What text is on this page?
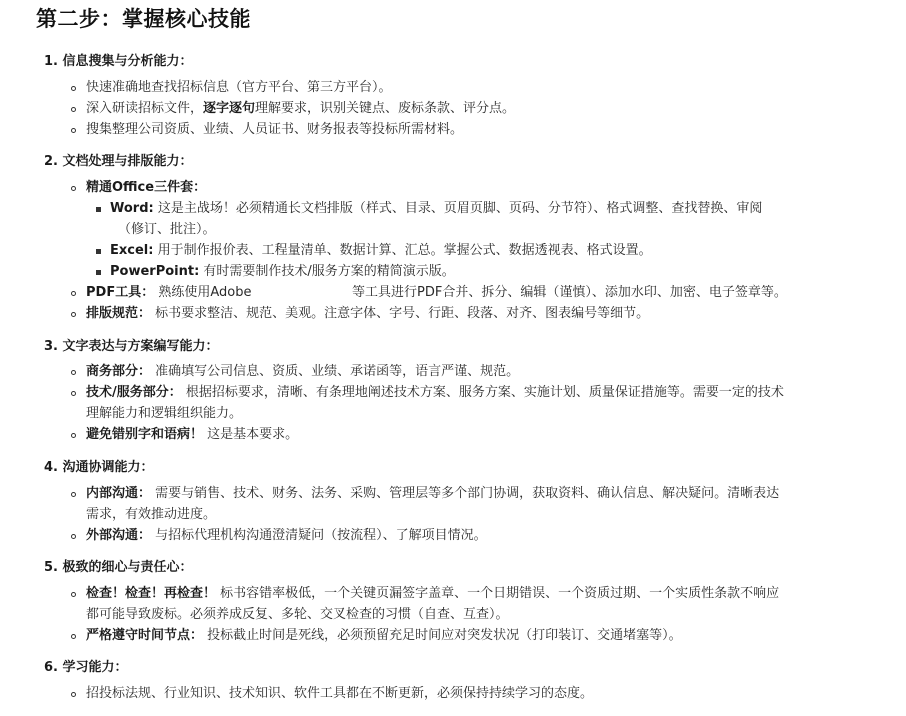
第二步：掌握核心技能
1. 信息搜集与分析能力：
快速准确地查找招标信息（官方平台、第三方平台）。
深入研读招标文件，逐字逐句理解要求，识别关键点、废标条款、评分点。
搜集整理公司资质、业绩、人员证书、财务报表等投标所需材料。
2. 文档处理与排版能力：
精通Office三件套：
Word: 这是主战场！必须精通长文档排版（样式、目录、页眉页脚、页码、分节符）、格式调整、查找替换、审阅
（修订、批注）。
Excel: 用于制作报价表、工程量清单、数据计算、汇总。掌握公式、数据透视表、格式设置。
PowerPoint: 有时需要制作技术/服务方案的精简演示版。
PDF工具： 熟练使用Adobe	等工具进行PDF合并、拆分、编辑（谨慎）、添加水印、加密、电子签章等。
排版规范： 标书要求整洁、规范、美观。注意字体、字号、行距、段落、对齐、图表编号等细节。
3. 文字表达与方案编写能力：
商务部分： 准确填写公司信息、资质、业绩、承诺函等，语言严谨、规范。
技术/服务部分： 根据招标要求，清晰、有条理地阐述技术方案、服务方案、实施计划、质量保证措施等。需要一定的技术
理解能力和逻辑组织能力。
避免错别字和语病！ 这是基本要求。
4. 沟通协调能力：
内部沟通： 需要与销售、技术、财务、法务、采购、管理层等多个部门协调，获取资料、确认信息、解决疑问。清晰表达
需求，有效推动进度。
外部沟通： 与招标代理机构沟通澄清疑问（按流程）、了解项目情况。
5. 极致的细心与责任心：
检查！检查！再检查！ 标书容错率极低，一个关键页漏签字盖章、一个日期错误、一个资质过期、一个实质性条款不响应
都可能导致废标。必须养成反复、多轮、交叉检查的习惯（自查、互查）。
严格遵守时间节点： 投标截止时间是死线，必须预留充足时间应对突发状况（打印装订、交通堵塞等）。
6. 学习能力：
招投标法规、行业知识、技术知识、软件工具都在不断更新，必须保持持续学习的态度。
